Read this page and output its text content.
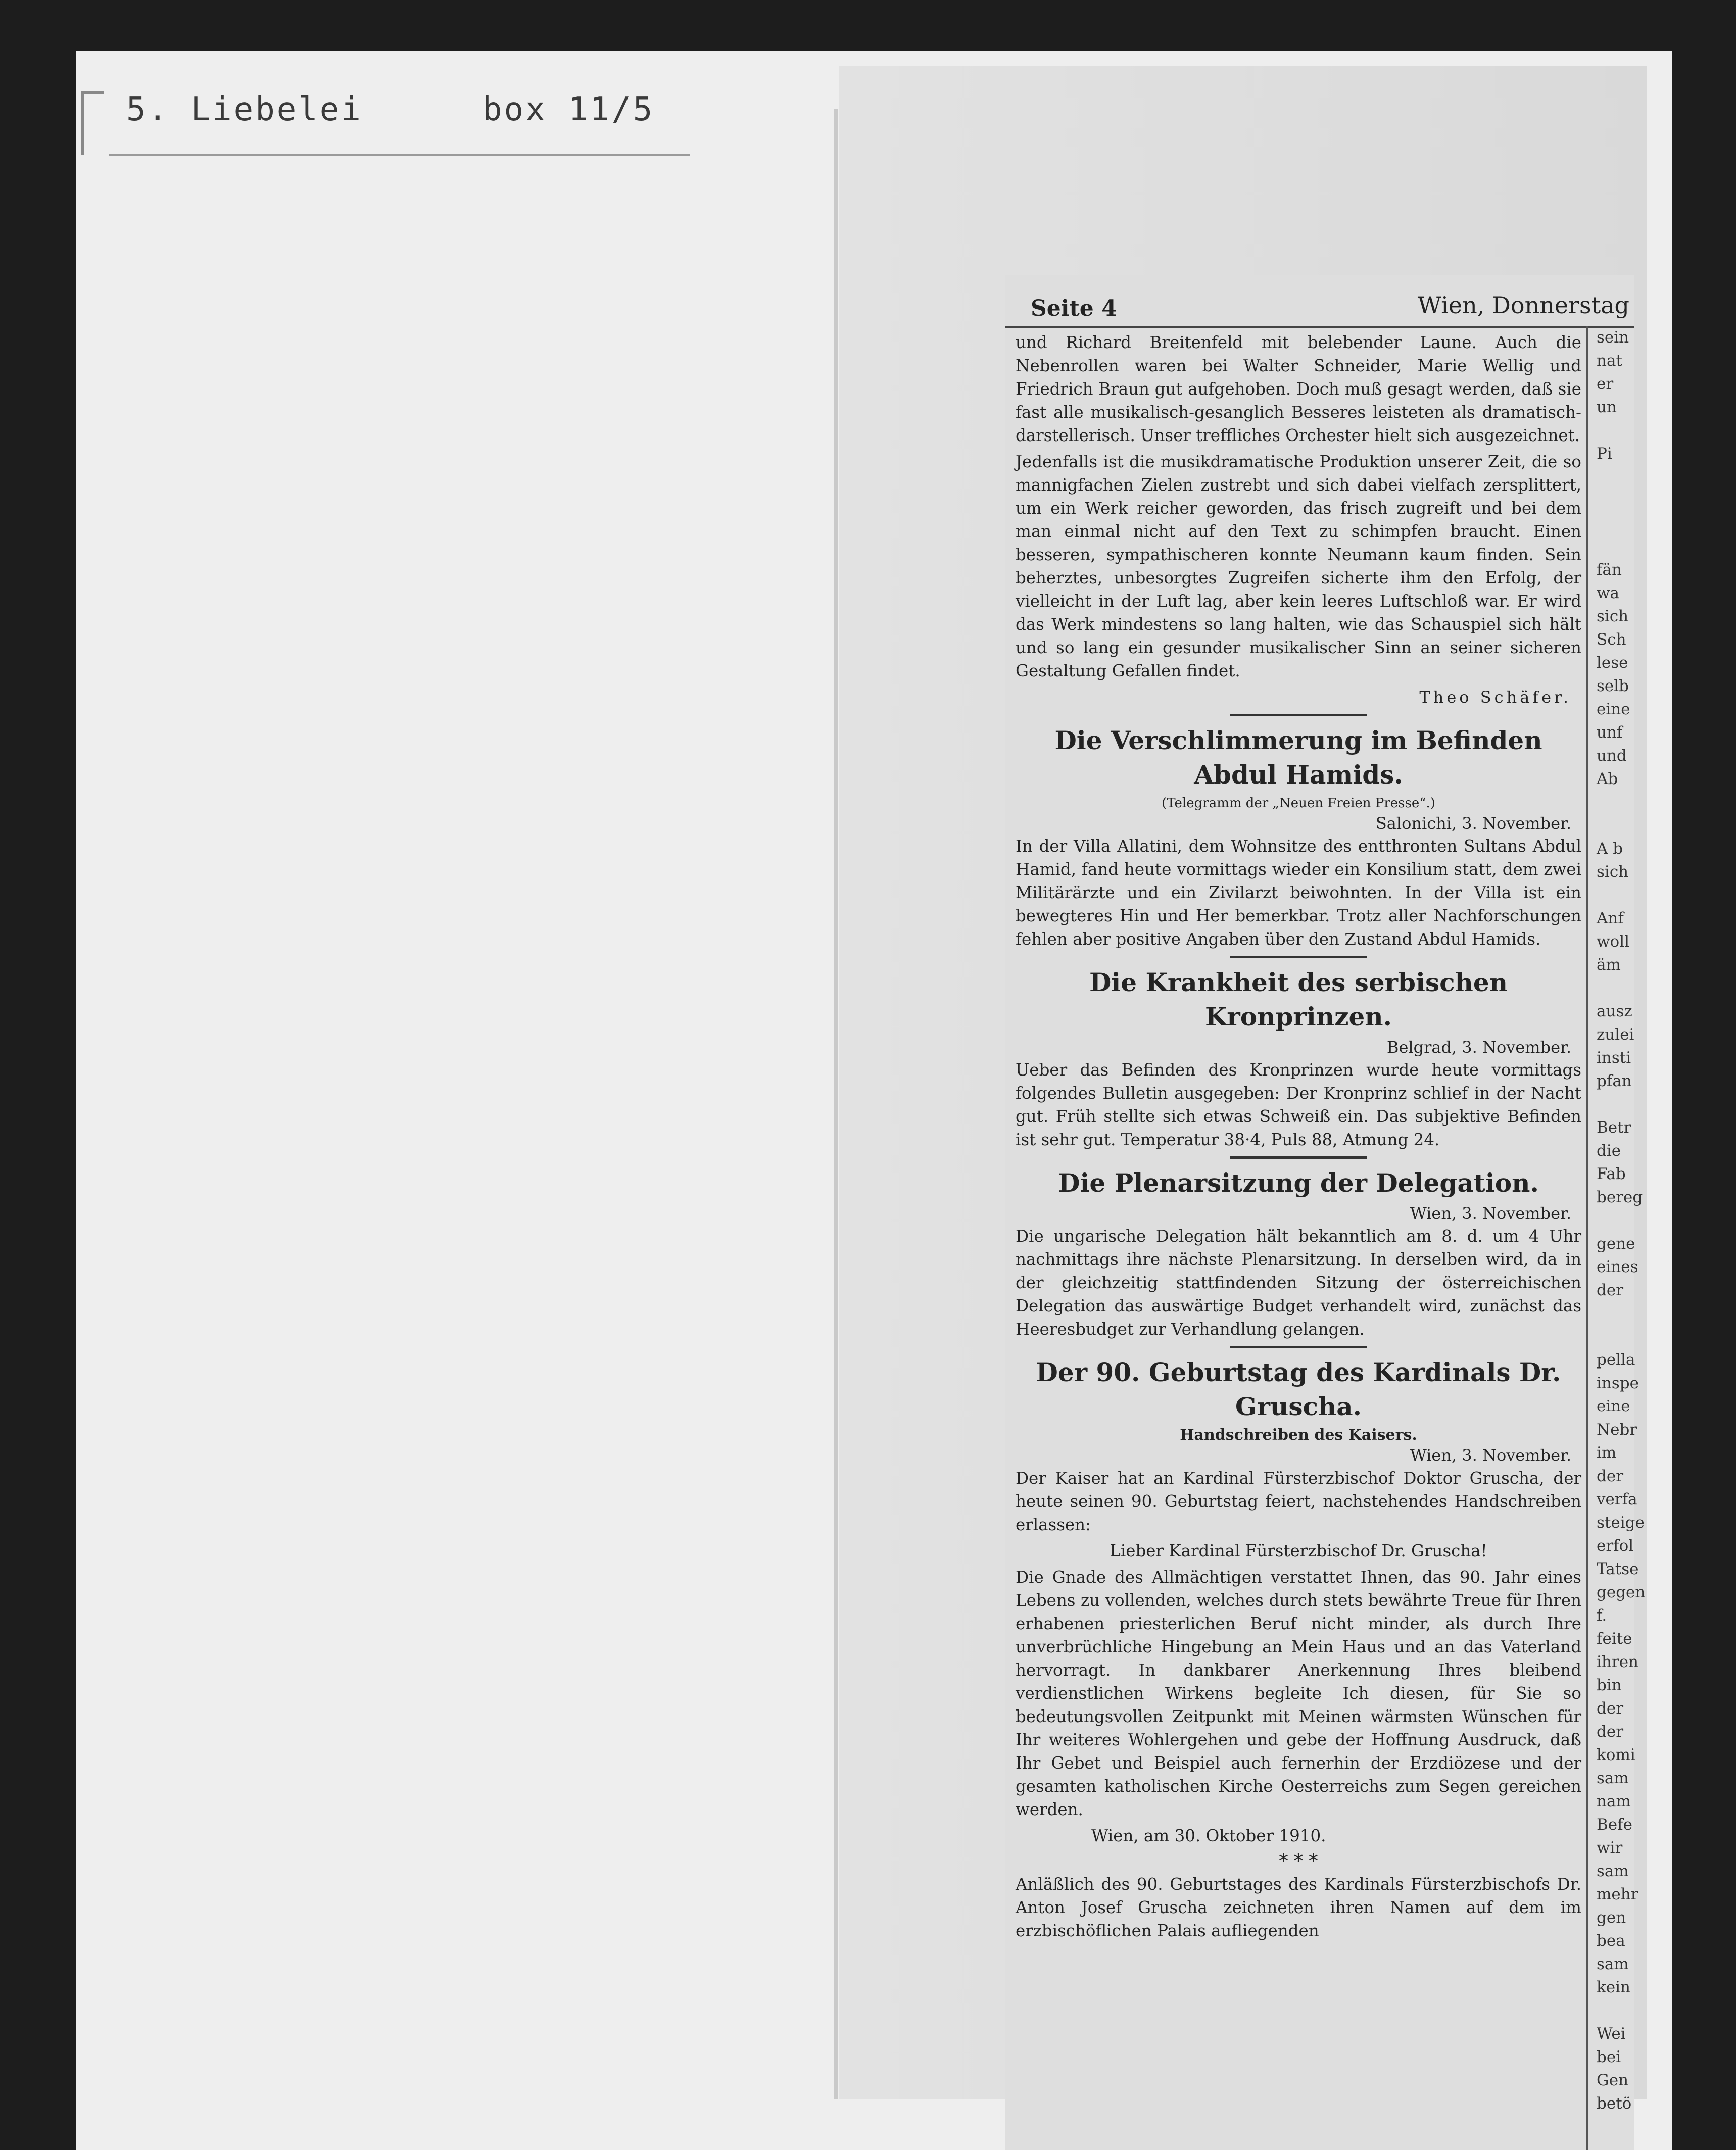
5. Liebelei	box 11/5
Seite 4	Wien, Donnerstag

und Richard Breitenfeld mit belebender Laune. Auch die Nebenrollen waren bei Walter Schneider, Marie Wellig und Friedrich Braun gut aufgehoben. Doch muß gesagt werden, daß sie fast alle musikalisch-gesanglich Besseres leisteten als dramatisch-darstellerisch. Unser treffliches Orchester hielt sich ausgezeichnet.

Jedenfalls ist die musikdramatische Produktion unserer Zeit, die so mannigfachen Zielen zustrebt und sich dabei vielfach zersplittert, um ein Werk reicher geworden, das frisch zugreift und bei dem man einmal nicht auf den Text zu schimpfen braucht. Einen besseren, sympathischeren konnte Neumann kaum finden. Sein beherztes, unbesorgtes Zugreifen sicherte ihm den Erfolg, der vielleicht in der Luft lag, aber kein leeres Luftschloß war. Er wird das Werk mindestens so lang halten, wie das Schauspiel sich hält und so lang ein gesunder musikalischer Sinn an seiner sicheren Gestaltung Gefallen findet.

Theo Schäfer.
Die Verschlimmerung im Befinden Abdul Hamids.
(Telegramm der „Neuen Freien Presse“.)
Salonichi, 3. November.

In der Villa Allatini, dem Wohnsitze des entthronten Sultans Abdul Hamid, fand heute vormittags wieder ein Konsilium statt, dem zwei Militärärzte und ein Zivilarzt beiwohnten. In der Villa ist ein bewegteres Hin und Her bemerkbar. Trotz aller Nachforschungen fehlen aber positive Angaben über den Zustand Abdul Hamids.

Die Krankheit des serbischen Kronprinzen.
Belgrad, 3. November.

Ueber das Befinden des Kronprinzen wurde heute vormittags folgendes Bulletin ausgegeben: Der Kronprinz schlief in der Nacht gut. Früh stellte sich etwas Schweiß ein. Das subjektive Befinden ist sehr gut. Temperatur 38·4, Puls 88, Atmung 24.

Die Plenarsitzung der Delegation.
Wien, 3. November.

Die ungarische Delegation hält bekanntlich am 8. d. um 4 Uhr nachmittags ihre nächste Plenarsitzung. In derselben wird, da in der gleichzeitig stattfindenden Sitzung der österreichischen Delegation das auswärtige Budget verhandelt wird, zunächst das Heeresbudget zur Verhandlung gelangen.

Der 90. Geburtstag des Kardinals Dr. Gruscha.
Handschreiben des Kaisers.
Wien, 3. November.

Der Kaiser hat an Kardinal Fürsterzbischof Doktor Gruscha, der heute seinen 90. Geburtstag feiert, nachstehendes Handschreiben erlassen:

Lieber Kardinal Fürsterzbischof Dr. Gruscha!

Die Gnade des Allmächtigen verstattet Ihnen, das 90. Jahr eines Lebens zu vollenden, welches durch stets bewährte Treue für Ihren erhabenen priesterlichen Beruf nicht minder, als durch Ihre unverbrüchliche Hingebung an Mein Haus und an das Vaterland hervorragt. In dankbarer Anerkennung Ihres bleibend verdienstlichen Wirkens begleite Ich diesen, für Sie so bedeutungsvollen Zeitpunkt mit Meinen wärmsten Wünschen für Ihr weiteres Wohlergehen und gebe der Hoffnung Ausdruck, daß Ihr Gebet und Beispiel auch fernerhin der Erzdiözese und der gesamten katholischen Kirche Oesterreichs zum Segen gereichen werden.

Wien, am 30. Oktober 1910.

* * *

Anläßlich des 90. Geburtstages des Kardinals Fürsterzbischofs Dr. Anton Josef Gruscha zeichneten ihren Namen auf dem im erzbischöflichen Palais aufliegenden

sein
nat
er
un
Pi
fän
wa
sich
Sch
lese
selb
eine
unf
und
Ab
A b
sich
Anf
woll
äm
ausz
zulei
insti
pfan
Betr
die
Fab
bereg
gene
eines
der
pella
inspe
eine
Nebr
im
der
verfa
steige
erfol
Tatse
gegen
f.
feite
ihren
bin
der
der
komi
sam
nam
Befe
wir
sam
mehr
gen
bea
sam
kein
Wei
bei
Gen
betö
